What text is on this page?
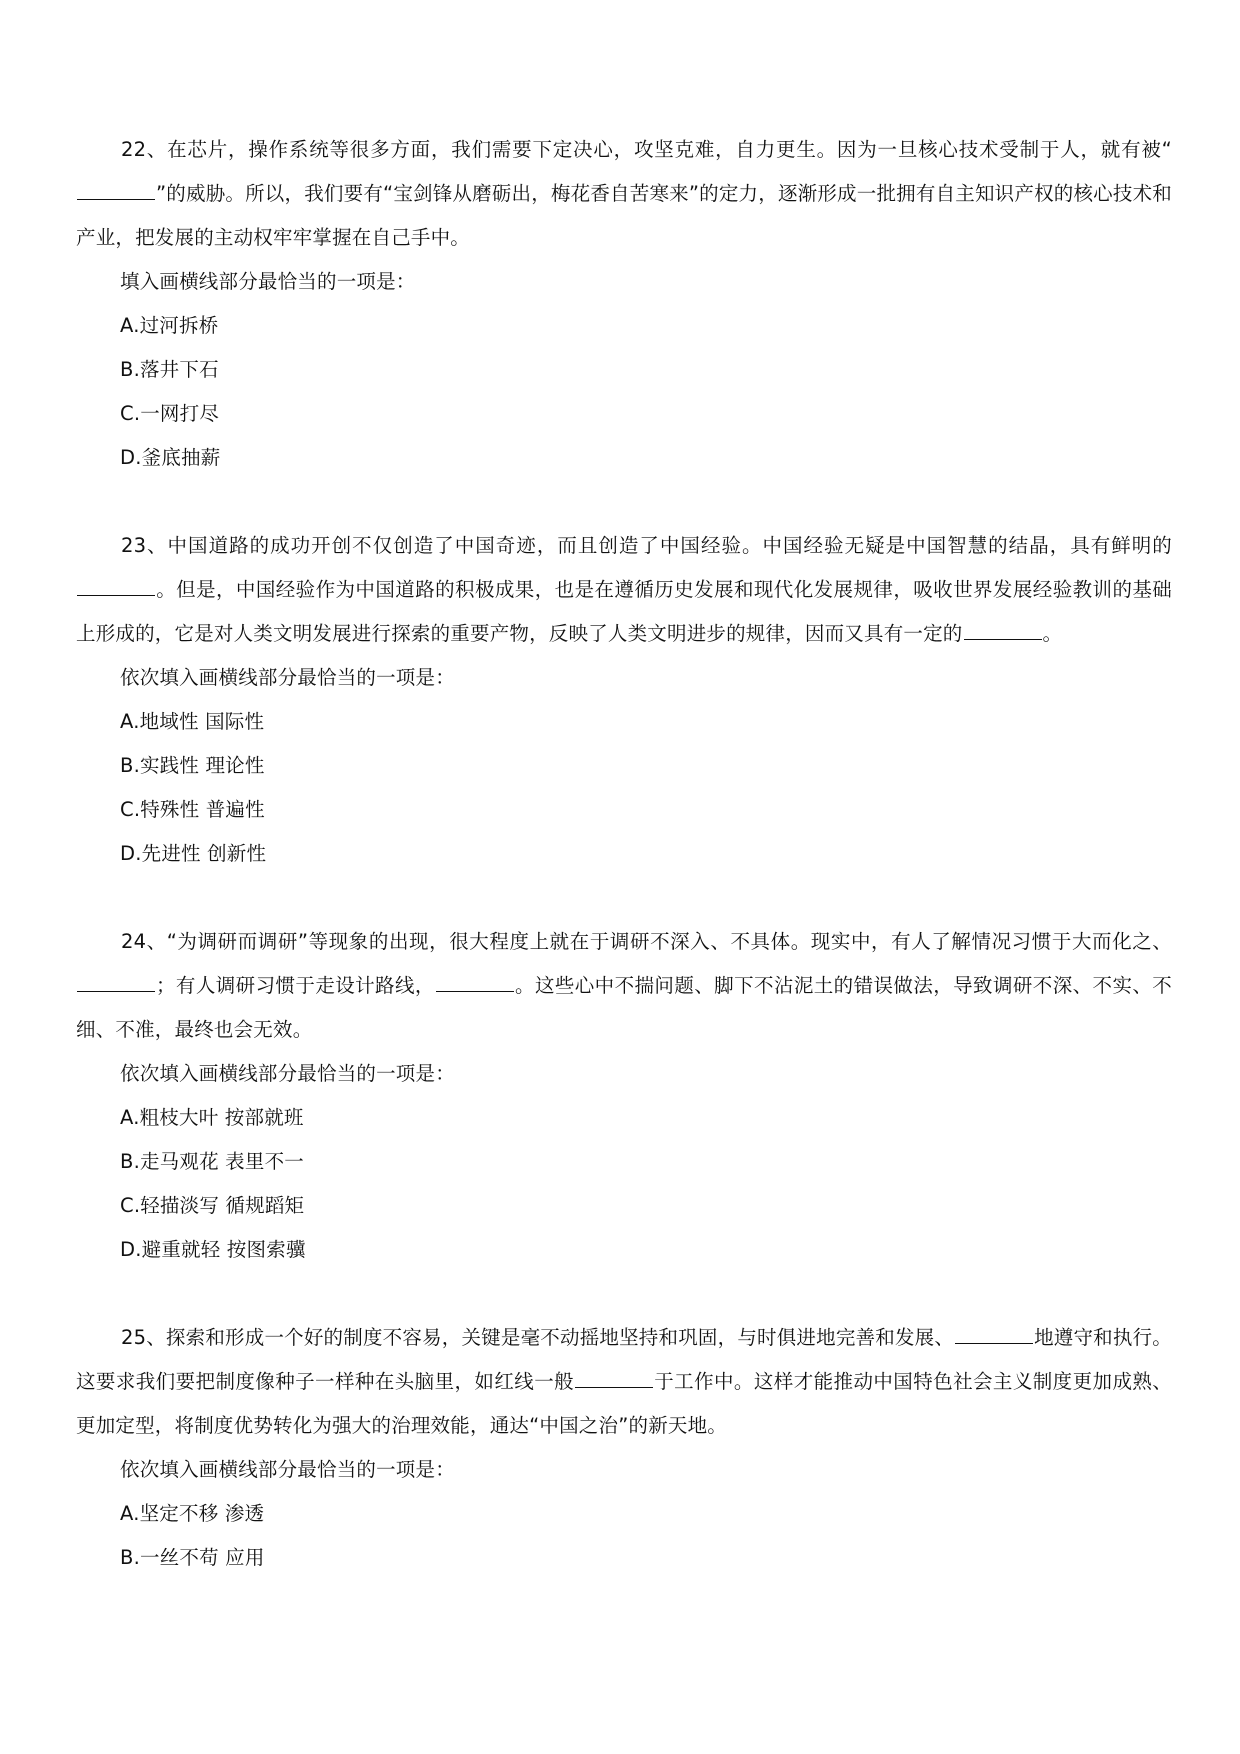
22、在芯片，操作系统等很多方面，我们需要下定决心，攻坚克难，自力更生。因为一旦核心技术受制于人，就有被“”的威胁。所以，我们要有“宝剑锋从磨砺出，梅花香自苦寒来”的定力，逐渐形成一批拥有自主知识产权的核心技术和产业，把发展的主动权牢牢掌握在自己手中。

填入画横线部分最恰当的一项是：

A.过河拆桥

B.落井下石

C.一网打尽

D.釜底抽薪

23、中国道路的成功开创不仅创造了中国奇迹，而且创造了中国经验。中国经验无疑是中国智慧的结晶，具有鲜明的。但是，中国经验作为中国道路的积极成果，也是在遵循历史发展和现代化发展规律，吸收世界发展经验教训的基础上形成的，它是对人类文明发展进行探索的重要产物，反映了人类文明进步的规律，因而又具有一定的	。

依次填入画横线部分最恰当的一项是：

A.地域性 国际性

B.实践性 理论性

C.特殊性 普遍性

D.先进性 创新性

24、“为调研而调研”等现象的出现，很大程度上就在于调研不深入、不具体。现实中，有人了解情况习惯于大而化之、；有人调研习惯于走设计路线，	。这些心中不揣问题、脚下不沾泥土的错误做法，导致调研不深、不实、不细、不准，最终也会无效。

依次填入画横线部分最恰当的一项是：

A.粗枝大叶 按部就班

B.走马观花 表里不一

C.轻描淡写 循规蹈矩

D.避重就轻 按图索骥

25、探索和形成一个好的制度不容易，关键是毫不动摇地坚持和巩固，与时俱进地完善和发展、	地遵守和执行。这要求我们要把制度像种子一样种在头脑里，如红线一般	于工作中。这样才能推动中国特色社会主义制度更加成熟、更加定型，将制度优势转化为强大的治理效能，通达“中国之治”的新天地。

依次填入画横线部分最恰当的一项是：

A.坚定不移 渗透

B.一丝不苟 应用
